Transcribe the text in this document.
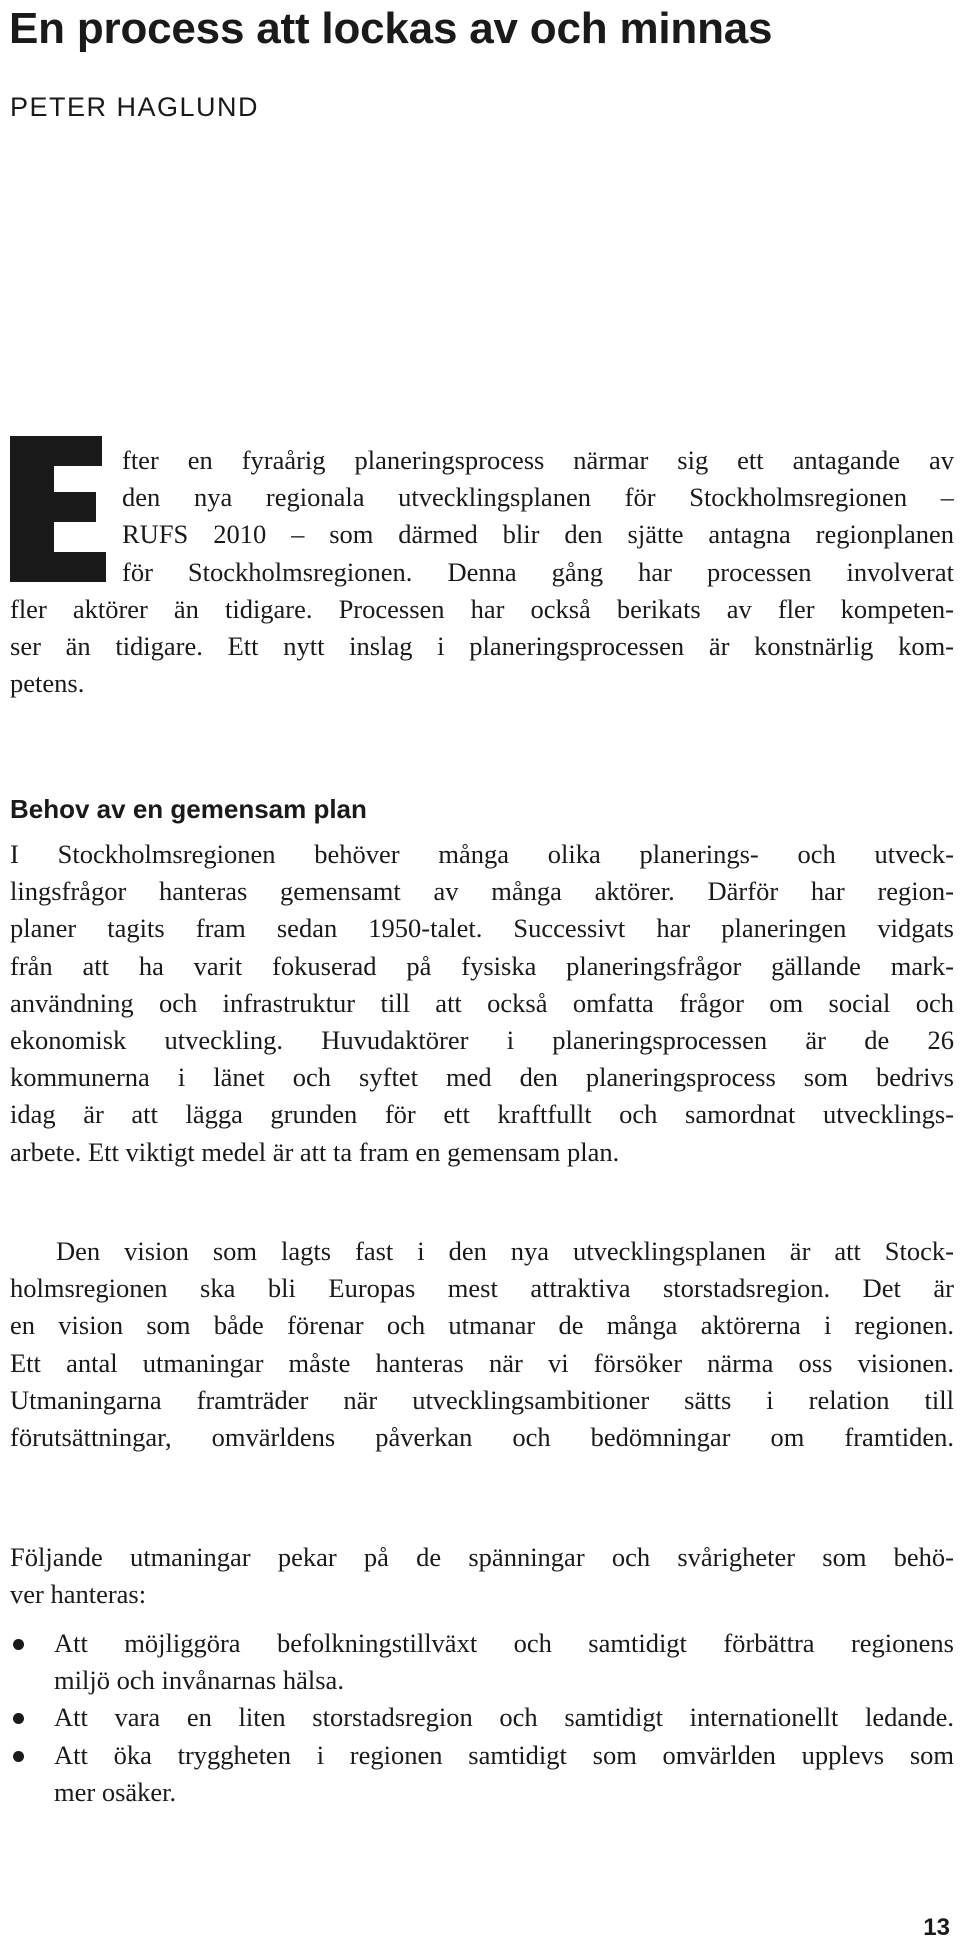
En process att lockas av och minnas
PETER HAGLUND
fter en fyraårig planeringsprocess närmar sig ett antagande av
den nya regionala utvecklingsplanen för Stockholmsregionen –
RUFS 2010 – som därmed blir den sjätte antagna regionplanen
för Stockholmsregionen. Denna gång har processen involverat
fler aktörer än tidigare. Processen har också berikats av fler kompeten-
ser än tidigare. Ett nytt inslag i planeringsprocessen är konstnärlig kom-
petens.
Behov av en gemensam plan
I Stockholmsregionen behöver många olika planerings- och utveck-
lingsfrågor hanteras gemensamt av många aktörer. Därför har region-
planer tagits fram sedan 1950-talet. Successivt har planeringen vidgats
från att ha varit fokuserad på fysiska planeringsfrågor gällande mark-
användning och infrastruktur till att också omfatta frågor om social och
ekonomisk utveckling. Huvudaktörer i planeringsprocessen är de 26
kommunerna i länet och syftet med den planeringsprocess som bedrivs
idag är att lägga grunden för ett kraftfullt och samordnat utvecklings-
arbete. Ett viktigt medel är att ta fram en gemensam plan.
Den vision som lagts fast i den nya utvecklingsplanen är att Stock-
holmsregionen ska bli Europas mest attraktiva storstadsregion. Det är
en vision som både förenar och utmanar de många aktörerna i regionen.
Ett antal utmaningar måste hanteras när vi försöker närma oss visionen.
Utmaningarna framträder när utvecklingsambitioner sätts i relation till
förutsättningar, omvärldens påverkan och bedömningar om framtiden.
Följande utmaningar pekar på de spänningar och svårigheter som behö-
ver hanteras:
Att möjliggöra befolkningstillväxt och samtidigt förbättra regionens
miljö och invånarnas hälsa.
Att vara en liten storstadsregion och samtidigt internationellt ledande.
Att öka tryggheten i regionen samtidigt som omvärlden upplevs som
mer osäker.
13
